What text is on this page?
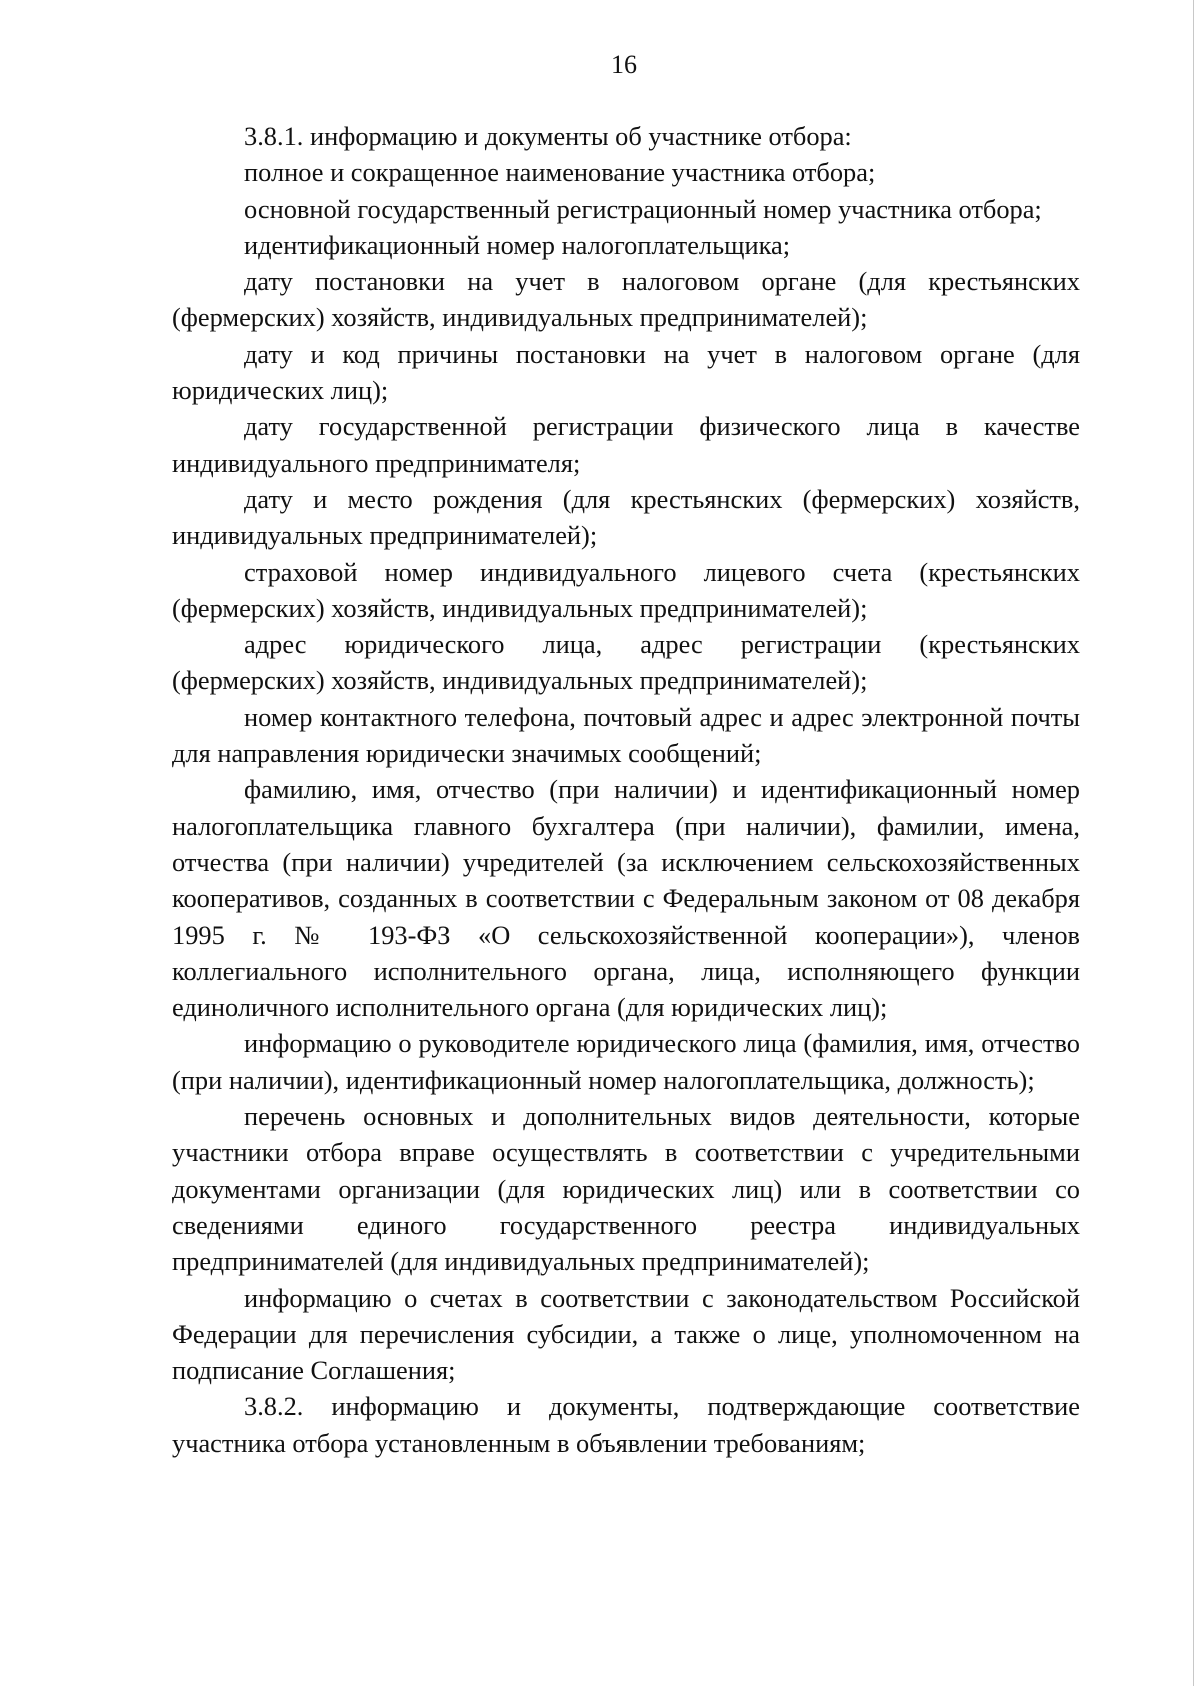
16

3.8.1. информацию и документы об участнике отбора:

полное и сокращенное наименование участника отбора;

основной государственный регистрационный номер участника отбора;

идентификационный номер налогоплательщика;

дату постановки на учет в налоговом органе (для крестьянских (фермерских) хозяйств, индивидуальных предпринимателей);

дату и код причины постановки на учет в налоговом органе (для юридических лиц);

дату государственной регистрации физического лица в качестве индивидуального предпринимателя;

дату и место рождения (для крестьянских (фермерских) хозяйств, индивидуальных предпринимателей);

страховой номер индивидуального лицевого счета (крестьянских (фермерских) хозяйств, индивидуальных предпринимателей);

адрес юридического лица, адрес регистрации (крестьянских (фермерских) хозяйств, индивидуальных предпринимателей);

номер контактного телефона, почтовый адрес и адрес электронной почты для направления юридически значимых сообщений;

фамилию, имя, отчество (при наличии) и идентификационный номер налогоплательщика главного бухгалтера (при наличии), фамилии, имена, отчества (при наличии) учредителей (за исключением сельскохозяйственных кооперативов, созданных в соответствии с Федеральным законом от 08 декабря 1995 г. № 193-ФЗ «О сельскохозяйственной кооперации»), членов коллегиального исполнительного органа, лица, исполняющего функции единоличного исполнительного органа (для юридических лиц);

информацию о руководителе юридического лица (фамилия, имя, отчество (при наличии), идентификационный номер налогоплательщика, должность);

перечень основных и дополнительных видов деятельности, которые участники отбора вправе осуществлять в соответствии с учредительными документами организации (для юридических лиц) или в соответствии со сведениями единого государственного реестра индивидуальных предпринимателей (для индивидуальных предпринимателей);

информацию о счетах в соответствии с законодательством Российской Федерации для перечисления субсидии, а также о лице, уполномоченном на подписание Соглашения;

3.8.2. информацию и документы, подтверждающие соответствие участника отбора установленным в объявлении требованиям;
